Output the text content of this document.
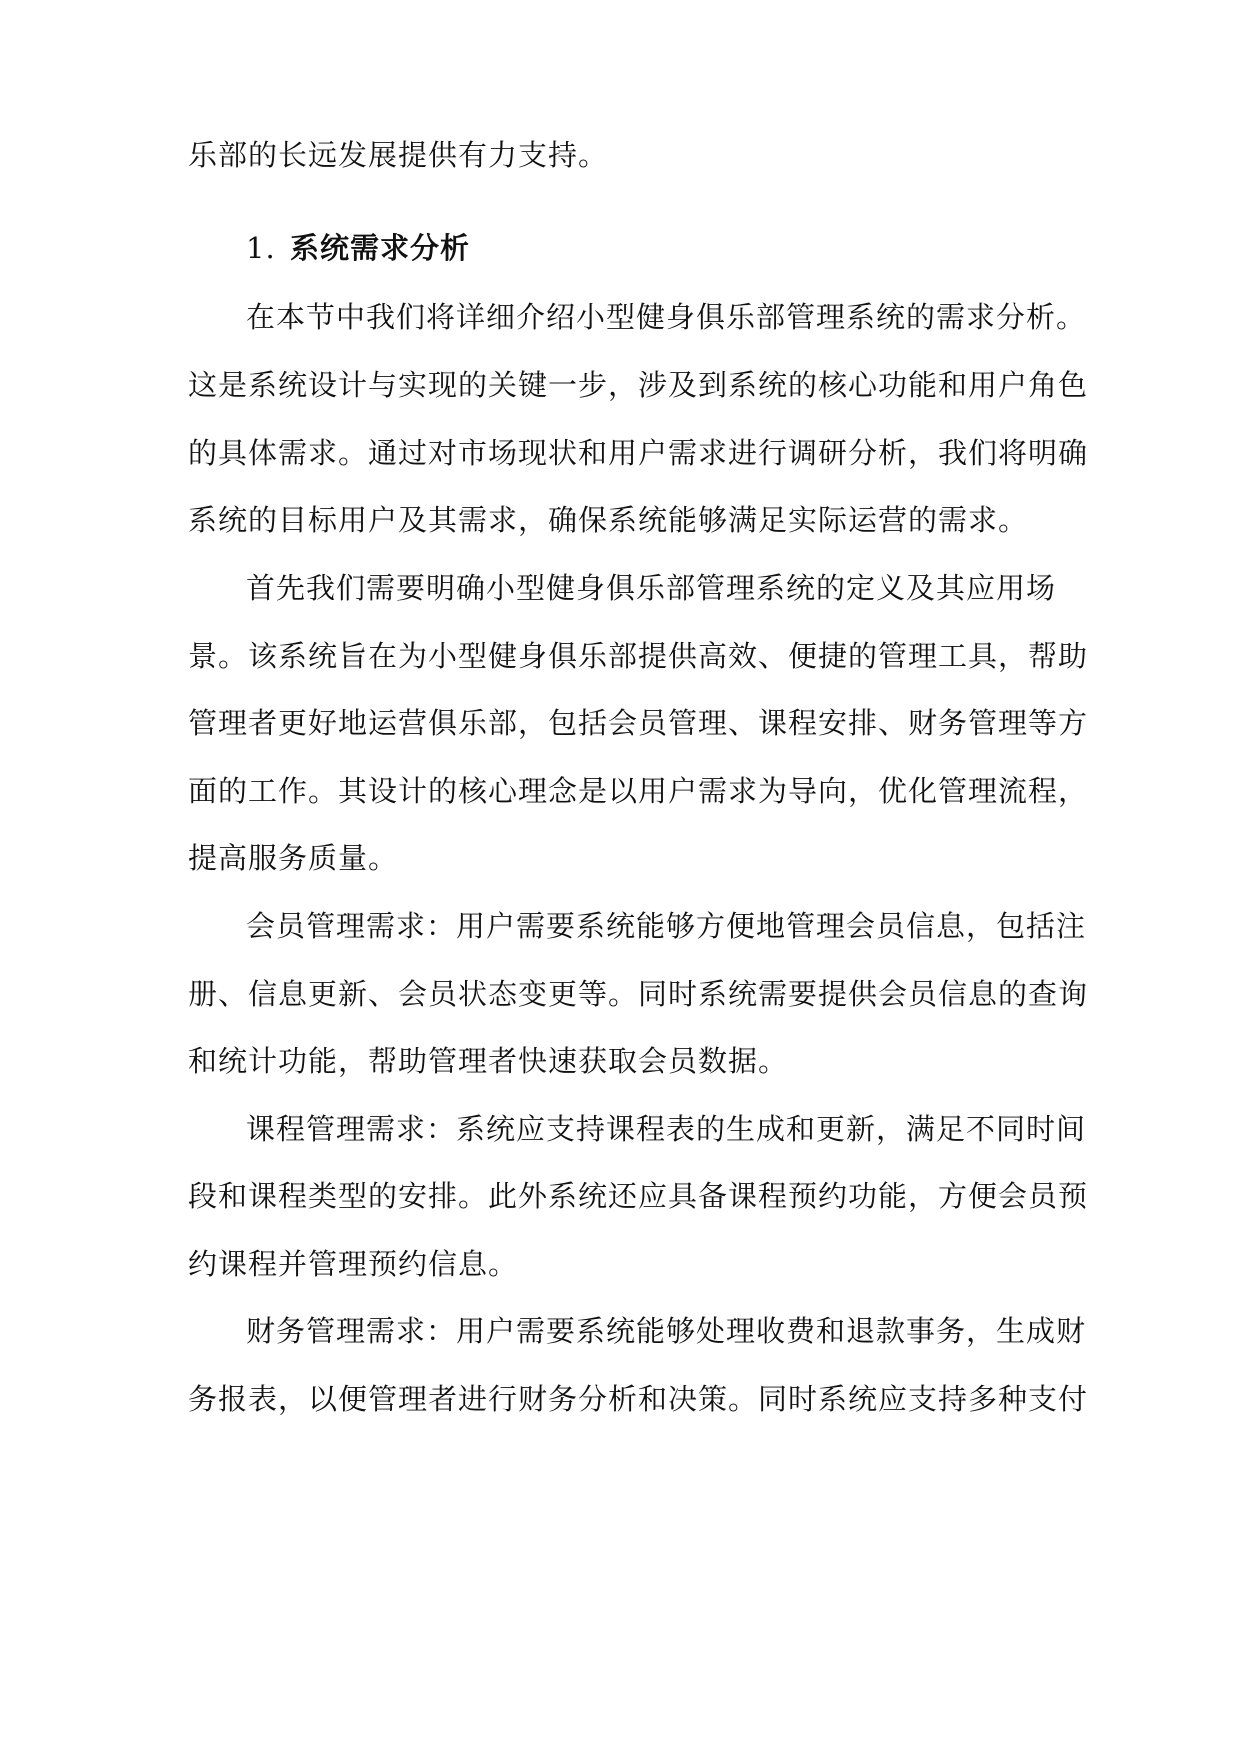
乐部的长远发展提供有力支持。
1. 系统需求分析
在本节中我们将详细介绍小型健身俱乐部管理系统的需求分析。
这是系统设计与实现的关键一步，涉及到系统的核心功能和用户角色
的具体需求。通过对市场现状和用户需求进行调研分析，我们将明确
系统的目标用户及其需求，确保系统能够满足实际运营的需求。
首先我们需要明确小型健身俱乐部管理系统的定义及其应用场
景。该系统旨在为小型健身俱乐部提供高效、便捷的管理工具，帮助
管理者更好地运营俱乐部，包括会员管理、课程安排、财务管理等方
面的工作。其设计的核心理念是以用户需求为导向，优化管理流程，
提高服务质量。
会员管理需求：用户需要系统能够方便地管理会员信息，包括注
册、信息更新、会员状态变更等。同时系统需要提供会员信息的查询
和统计功能，帮助管理者快速获取会员数据。
课程管理需求：系统应支持课程表的生成和更新，满足不同时间
段和课程类型的安排。此外系统还应具备课程预约功能，方便会员预
约课程并管理预约信息。
财务管理需求：用户需要系统能够处理收费和退款事务，生成财
务报表，以便管理者进行财务分析和决策。同时系统应支持多种支付
